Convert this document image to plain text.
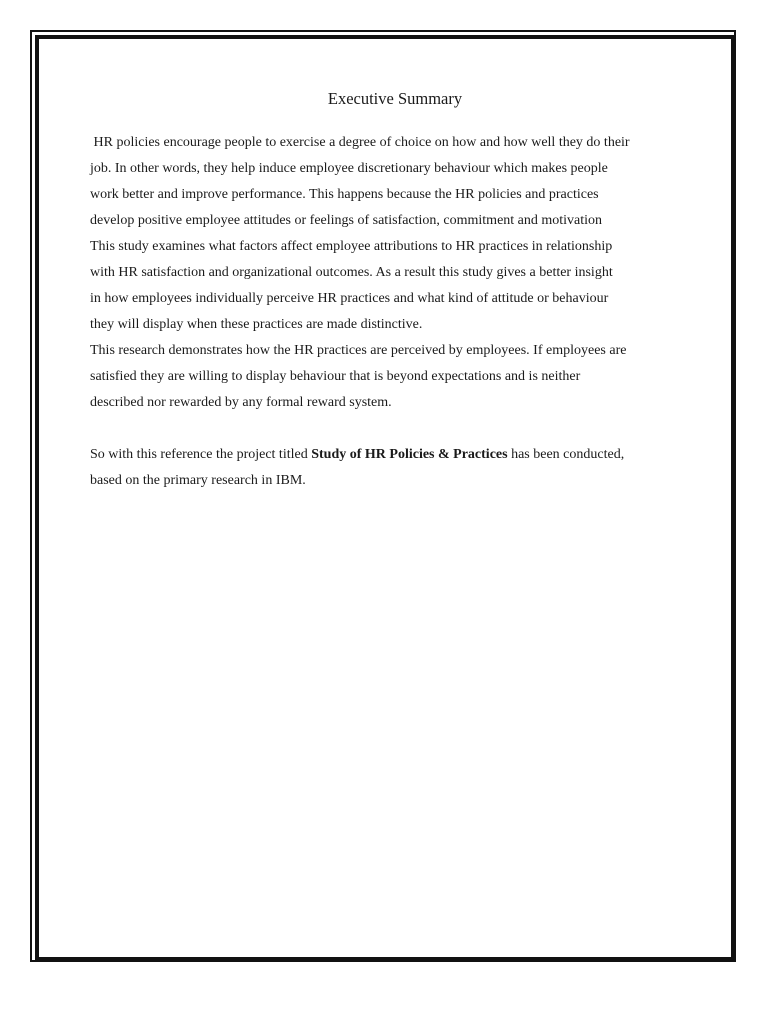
Executive Summary
HR policies encourage people to exercise a degree of choice on how and how well they do their
job. In other words, they help induce employee discretionary behaviour which makes people
work better and improve performance. This happens because the HR policies and practices
develop positive employee attitudes or feelings of satisfaction, commitment and motivation
This study examines what factors affect employee attributions to HR practices in relationship
with HR satisfaction and organizational outcomes. As a result this study gives a better insight
in how employees individually perceive HR practices and what kind of attitude or behaviour
they will display when these practices are made distinctive.
This research demonstrates how the HR practices are perceived by employees. If employees are
satisfied they are willing to display behaviour that is beyond expectations and is neither
described nor rewarded by any formal reward system.
So with this reference the project titled Study of HR Policies & Practices has been conducted,
based on the primary research in IBM.
